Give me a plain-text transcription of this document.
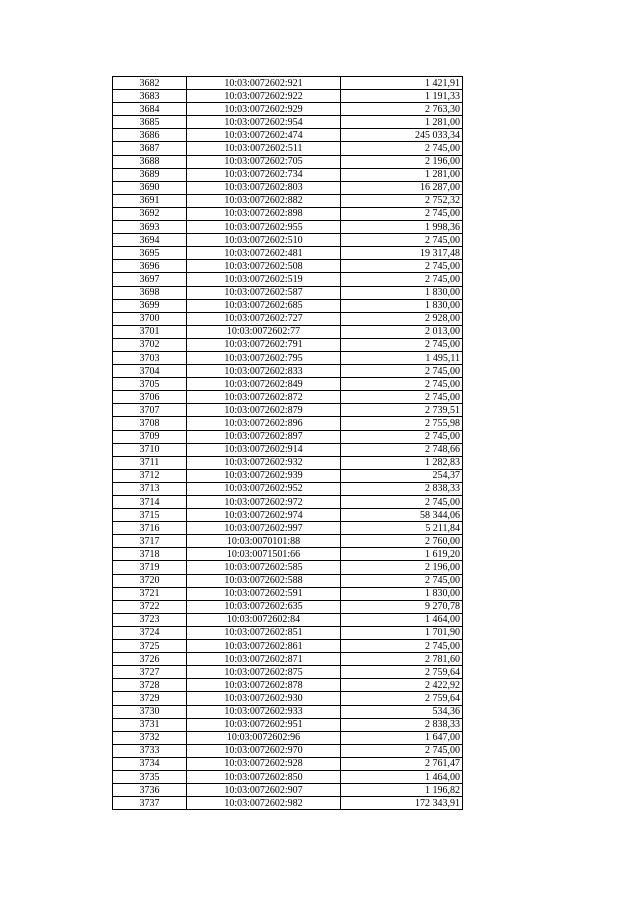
3682	10:03:0072602:921	1 421,91
3683	10:03:0072602:922	1 191,33
3684	10:03:0072602:929	2 763,30
3685	10:03:0072602:954	1 281,00
3686	10:03:0072602:474	245 033,34
3687	10:03:0072602:511	2 745,00
3688	10:03:0072602:705	2 196,00
3689	10:03:0072602:734	1 281,00
3690	10:03:0072602:803	16 287,00
3691	10:03:0072602:882	2 752,32
3692	10:03:0072602:898	2 745,00
3693	10:03:0072602:955	1 998,36
3694	10:03:0072602:510	2 745,00
3695	10:03:0072602:481	19 317,48
3696	10:03:0072602:508	2 745,00
3697	10:03:0072602:519	2 745,00
3698	10:03:0072602:587	1 830,00
3699	10:03:0072602:685	1 830,00
3700	10:03:0072602:727	2 928,00
3701	10:03:0072602:77	2 013,00
3702	10:03:0072602:791	2 745,00
3703	10:03:0072602:795	1 495,11
3704	10:03:0072602:833	2 745,00
3705	10:03:0072602:849	2 745,00
3706	10:03:0072602:872	2 745,00
3707	10:03:0072602:879	2 739,51
3708	10:03:0072602:896	2 755,98
3709	10:03:0072602:897	2 745,00
3710	10:03:0072602:914	2 748,66
3711	10:03:0072602:932	1 282,83
3712	10:03:0072602:939	254,37
3713	10:03:0072602:952	2 838,33
3714	10:03:0072602:972	2 745,00
3715	10:03:0072602:974	58 344,06
3716	10:03:0072602:997	5 211,84
3717	10:03:0070101:88	2 760,00
3718	10:03:0071501:66	1 619,20
3719	10:03:0072602:585	2 196,00
3720	10:03:0072602:588	2 745,00
3721	10:03:0072602:591	1 830,00
3722	10:03:0072602:635	9 270,78
3723	10:03:0072602:84	1 464,00
3724	10:03:0072602:851	1 701,90
3725	10:03:0072602:861	2 745,00
3726	10:03:0072602:871	2 781,60
3727	10:03:0072602:875	2 759,64
3728	10:03:0072602:878	2 422,92
3729	10:03:0072602:930	2 759,64
3730	10:03:0072602:933	534,36
3731	10:03:0072602:951	2 838,33
3732	10:03:0072602:96	1 647,00
3733	10:03:0072602:970	2 745,00
3734	10:03:0072602:928	2 761,47
3735	10:03:0072602:850	1 464,00
3736	10:03:0072602:907	1 196,82
3737	10:03:0072602:982	172 343,91
